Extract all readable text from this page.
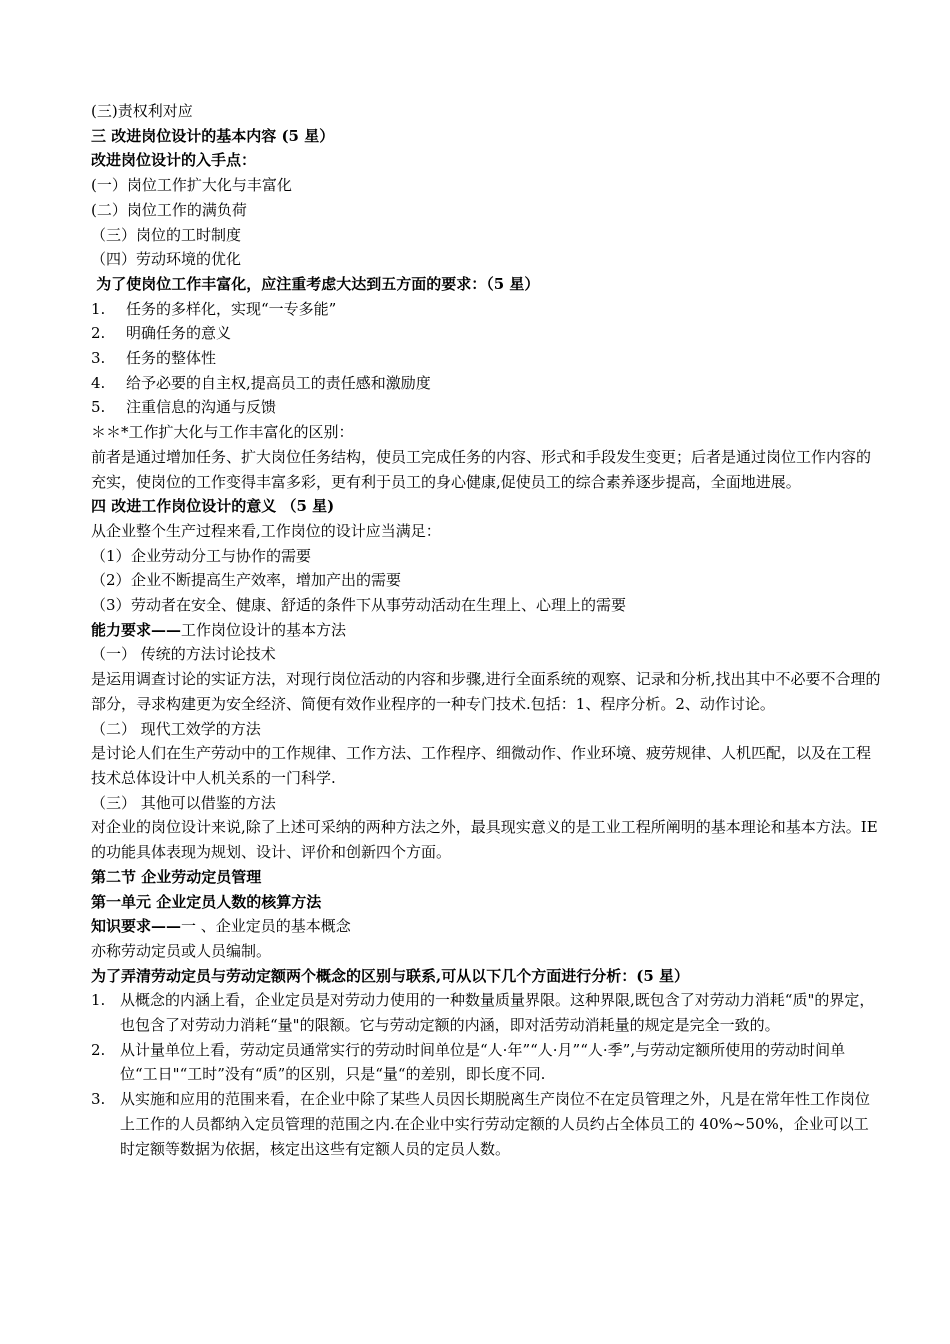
(三)责权利对应
三 改进岗位设计的基本内容 (5 星）
改进岗位设计的入手点：
(一）岗位工作扩大化与丰富化
(二）岗位工作的满负荷
（三）岗位的工时制度
（四）劳动环境的优化
为了使岗位工作丰富化，应注重考虑大达到五方面的要求：（5 星）
1.	任务的多样化，实现“一专多能”
2.	明确任务的意义
3.	任务的整体性
4.	给予必要的自主权,提高员工的责任感和激励度
5.	注重信息的沟通与反馈
＊＊*工作扩大化与工作丰富化的区别：
前者是通过增加任务、扩大岗位任务结构，使员工完成任务的内容、形式和手段发生变更；后者是通过岗位工作内容的充实，使岗位的工作变得丰富多彩，更有利于员工的身心健康,促使员工的综合素养逐步提高，全面地进展。
四 改进工作岗位设计的意义 （5 星)
从企业整个生产过程来看,工作岗位的设计应当满足：
（1） 企业劳动分工与协作的需要
（2） 企业不断提高生产效率，增加产出的需要
（3） 劳动者在安全、健康、舒适的条件下从事劳动活动在生理上、心理上的需要
能力要求——工作岗位设计的基本方法
（一） 传统的方法讨论技术
是运用调查讨论的实证方法，对现行岗位活动的内容和步骤,进行全面系统的观察、记录和分析,找出其中不必要不合理的部分，寻求构建更为安全经济、简便有效作业程序的一种专门技术.包括：1、程序分析。2、动作讨论。
（二） 现代工效学的方法
是讨论人们在生产劳动中的工作规律、工作方法、工作程序、细微动作、作业环境、疲劳规律、人机匹配，以及在工程技术总体设计中人机关系的一门科学.
（三） 其他可以借鉴的方法
对企业的岗位设计来说,除了上述可采纳的两种方法之外，最具现实意义的是工业工程所阐明的基本理论和基本方法。IE 的功能具体表现为规划、设计、评价和创新四个方面。
第二节 企业劳动定员管理
第一单元 企业定员人数的核算方法
知识要求——一 、企业定员的基本概念
亦称劳动定员或人员编制。
为了弄清劳动定员与劳动定额两个概念的区别与联系,可从以下几个方面进行分析：(5 星）
1. 从概念的内涵上看，企业定员是对劳动力使用的一种数量质量界限。这种界限,既包含了对劳动力消耗“质"的界定，也包含了对劳动力消耗“量"的限额。它与劳动定额的内涵，即对活劳动消耗量的规定是完全一致的。
2. 从计量单位上看，劳动定员通常实行的劳动时间单位是“人·年”“人·月”“人·季”,与劳动定额所使用的劳动时间单位“工日"“工时”没有“质”的区别，只是“量“的差别，即长度不同.
3. 从实施和应用的范围来看，在企业中除了某些人员因长期脱离生产岗位不在定员管理之外，凡是在常年性工作岗位上工作的人员都纳入定员管理的范围之内.在企业中实行劳动定额的人员约占全体员工的 40%~50%，企业可以工时定额等数据为依据，核定出这些有定额人员的定员人数。
